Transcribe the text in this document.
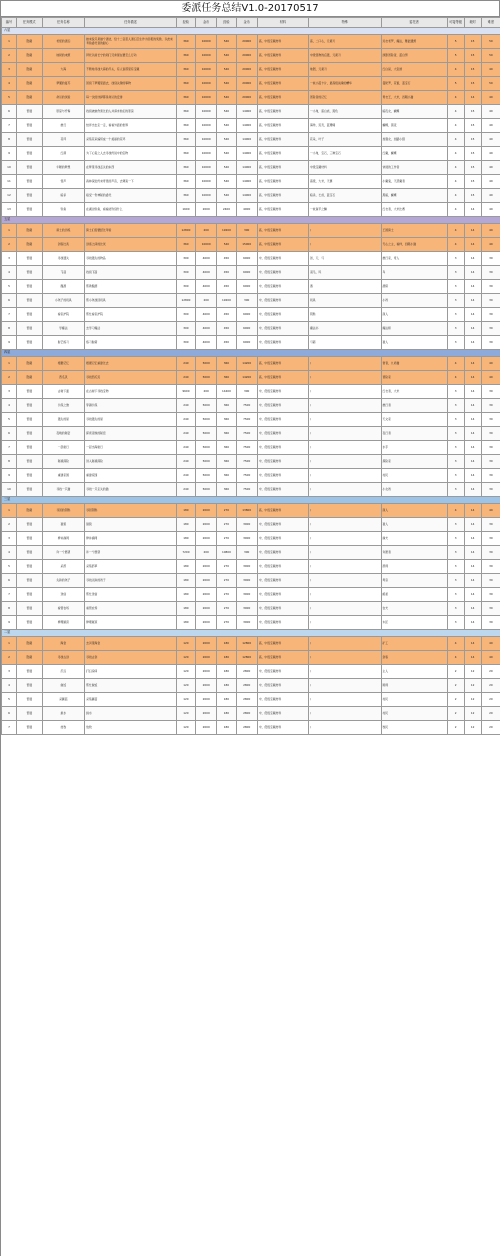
委派任务总结V1.0-20170517
编号	任务模式	任务名称	任务描述	经验	金币	经验	金币	材料	特殊	委托者	可接等级	耗时	难度
六星													
1	隐藏	老怪的清扫	她来说只是做个清洁，给十二宫恶人清扫卫生作为回报的奖励，以此来考验委托者的耐心	360	10000	540	20000	高，中级宝藏材料	高，二口心，元素刃	远衣老罗，魔法，雅础遗源	5	15	50
2	隐藏	地狱的来源	拜托以前长宁的同门兄弟现在要怎么行动	360	10000	540	20000	高，中级宝藏材料	中级怪物的后遗，元素刃	绿影冒险者，蓝白男	5	15	50
3	隐藏	大海	不断地寻找大海的尽头，有人说那里有宝藏	360	10000	540	20000	高，中级宝藏材料	地图，元素刃	红白鼠，大张道	4	15	40
4	隐藏	梦魇的复苏	回到了梦魇里面去，找到关键的事物	360	10000	540	20000	高，中级宝藏材料	一枚小蓝卡片，最高级战魂的精华	曼陀罗，花蕾，蓝宝石	5	15	50
5	隐藏	命运的试验	每一次的选择都是命运的安排	360	10000	540	20000	高，中级宝藏材料	冒险者的记忆	青衣王，大米，四眼小猫	4	14	40
6	普通	原谅与忏悔	找到被她伤害过的人并请求他们的原谅	360	10000	540	14000	高，中级宝藏材料	一小角，蛋白质，黑色	暗夜女，蝴蝶	4	15	40
7	普通	旅行	结伴出去走一走，看看外面的世界	360	10000	540	14000	高，中级宝藏材料	海珍，贝壳，蓝珊瑚	蝴蝶，黑夜	4	15	40
8	普通	花环	采集花朵编织成一个美丽的花环	360	10000	540	14000	高，中级宝藏材料	花朵，叶子	加强女，加路小猪	4	15	40
9	普通	红颜	为了心爱之人去寻找传说中的宝物	360	10000	540	14000	高，中级宝藏材料	一小角，宝石，三种宝石	红魔，蝴蝶	4	15	40
10	普通	午睡的梦想	在梦里寻找丢失的东西	360	10000	540	14000	高，中级宝藏材料	中级宝藏材料	快速的工作者	4	15	40
11	普通	怪声	森林深处传来奇怪的声音，去调查一下	360	10000	540	14000	高，中级宝藏材料	高级，大米，天翼	小魔鬼，天恶魔者	4	15	40
12	普通	暗杀	接受一份神秘的委托	360	10000	540	14000	高，中级宝藏材料	暗杀，匕首，蓝宝石	黑暗，蝴蝶	4	15	40
13	普通	钓鱼	在湖边钓鱼，看看能钓到什么	1600	2000	2400	4000	高，中级宝藏材料	一枚鱼竿之鳞	红衣者，大米比赛	4	14	40
五星													
1	隐藏	骑士的历练	骑士们需要经过考验	12800	200	19200	300	高，中级宝藏材料	/	王国骑士	4	14	40
2	隐藏	剑客比武	剑客之间的比试	360	10000	540	15000	高，中级宝藏材料	/	无心之主，看样，四眼小猫	4	14	40
3	普通	寻找遗失	寻找遗失的物品	300	4000	450	6000	中，低级宝藏材料	剑，刀，弓	旅行家，奇人	3	14	30
4	普通	飞羽	找到飞羽	300	4000	450	6000	中，低级宝藏材料	羽毛，风	鸟	3	14	30
5	普通	酿酒	帮助酿酒	300	4000	450	6000	中，低级宝藏材料	酒	酒保	3	14	30
6	普通	小孩子的玩具	帮小孩找回玩具	12800	200	19200	300	中，低级宝藏材料	玩具	小孩	3	14	30
7	普通	看家护院	帮忙看家护院	300	4000	450	6000	中，低级宝藏材料	钥匙	商人	3	14	30
8	普通	学魔法	去学习魔法	300	4000	450	6000	中，低级宝藏材料	魔法书	魔法师	3	14	30
9	普通	射艺练习	练习射箭	300	4000	450	6000	中，低级宝藏材料	弓箭	猎人	3	14	30
四星													
1	隐藏	根据记忆	根据记忆重建过去	240	5000	360	14200	高，中级宝藏材料	/	智者，九命猫	4	14	40
2	隐藏	西瓜贝	寻找西瓜贝	240	5000	360	14200	高，中级宝藏材料	/	冒险家	4	14	40
3	普通	古树下面	在古树下寻找宝物	9600	200	14400	300	中，低级宝藏材料	/	红衣者，大米	3	14	30
4	普通	沙漠之旅	穿越沙漠	240	5000	360	7500	中，低级宝藏材料	/	旅行者	3	14	30
5	普通	遗失的星	寻找遗失的星	240	5000	360	7500	中，低级宝藏材料	/	天文家	3	14	30
6	普通	夜晚的秘密	探索夜晚的秘密	240	5000	360	7500	中，低级宝藏材料	/	夜行者	3	14	30
7	普通	一起航行	一起出海航行	240	5000	360	7500	中，低级宝藏材料	/	水手	3	14	30
8	普通	秘境探险	进入秘境探险	240	5000	360	7500	中，低级宝藏材料	/	探险家	3	14	30
9	普通	重建家园	重建家园	240	5000	360	7500	中，低级宝藏材料	/	村民	3	14	30
10	普通	寻找一只猫	寻找一只走失的猫	240	5000	360	7500	中，低级宝藏材料	/	小女孩	3	14	30
三星													
1	隐藏	寻回的钥匙	寻回钥匙	180	2000	270	13800	高，中级宝藏材料	/	商人	4	14	40
2	普通	猎狼	猎狼	180	2000	270	3000	中，低级宝藏材料	/	猎人	3	14	30
3	普通	修补渔网	修补渔网	180	2000	270	3000	中，低级宝藏材料	/	渔夫	3	14	30
4	普通	许一个愿望	许一个愿望	7200	200	10800	300	中，低级宝藏材料	/	许愿者	3	14	30
5	普通	采药	采集药草	180	2000	270	3000	中，低级宝藏材料	/	药师	3	14	30
6	普通	失踪的孩子	寻找失踪的孩子	180	2000	270	3000	中，低级宝藏材料	/	母亲	3	14	30
7	普通	送信	帮忙送信	180	2000	270	3000	中，低级宝藏材料	/	邮差	3	14	30
8	普通	看管农场	看管农场	180	2000	270	3000	中，低级宝藏材料	/	农夫	3	14	30
9	普通	修理屋顶	修理屋顶	180	2000	270	3000	中，低级宝藏材料	/	木匠	3	14	30
二星													
1	隐藏	淘金	去河里淘金	120	2000	180	12800	高，中级宝藏材料	/	矿工	4	14	40
2	隐藏	寻找古剑	寻找古剑	120	2000	180	12800	高，中级宝藏材料	/	剑客	4	14	40
3	普通	打扫	打扫房间	120	2000	180	2800	中，低级宝藏材料	/	主人	2	12	20
4	普通	做饭	帮忙做饭	120	2000	180	2800	中，低级宝藏材料	/	厨师	2	12	20
5	普通	采蘑菇	采集蘑菇	120	2000	180	2800	中，低级宝藏材料	/	村民	2	12	20
6	普通	挑水	挑水	120	2000	180	2800	中，低级宝藏材料	/	村民	2	12	20
7	普通	放牧	放牧	120	2000	180	2800	中，低级宝藏材料	/	牧民	2	12	20
